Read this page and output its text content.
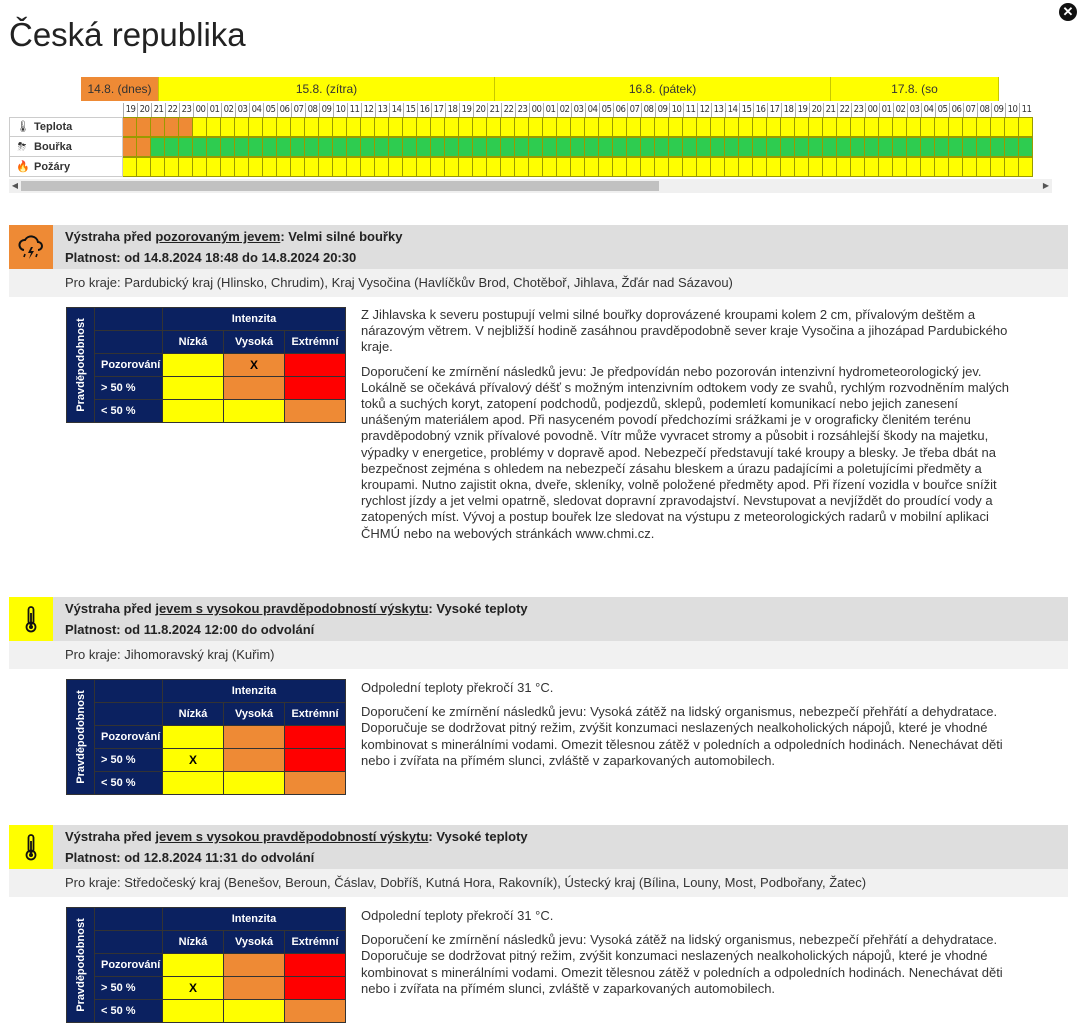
Česká republika
✕
14.8. (dnes)	15.8. (zítra)	16.8. (pátek)	17.8. (so
19 20 21 22 23 00 01 02 03 04 05 06 07 08 09 10 11 12 13 14 15 16 17 18 19 20 21 22 23 00 01 02 03 04 05 06 07 08 09 10 11 12 13 14 15 16 17 18 19 20 21 22 23 00 01 02 03 04 05 06 07 08 09 10 11
🌡 Teplota
⛈ Bouřka
🔥 Požáry
◀	▶
Výstraha před pozorovaným jevem: Velmi silné bouřky
Platnost: od 14.8.2024 18:48 do 14.8.2024 20:30
Pro kraje: Pardubický kraj (Hlinsko, Chrudim), Kraj Vysočina (Havlíčkův Brod, Chotěboř, Jihlava, Žďár nad Sázavou)
Pravděpodobnost		Intenzita		
		Nízká	Vysoká	Extrémní
	Pozorování		X	
	> 50 %			
	< 50 %			

Z Jihlavska k severu postupují velmi silné bouřky doprovázené kroupami kolem 2 cm, přívalovým deštěm a nárazovým větrem. V nejbližší hodině zasáhnou pravděpodobně sever kraje Vysočina a jihozápad Pardubického kraje.

Doporučení ke zmírnění následků jevu: Je předpovídán nebo pozorován intenzivní hydrometeorologický jev. Lokálně se očekává přívalový déšť s možným intenzivním odtokem vody ze svahů, rychlým rozvodněním malých toků a suchých koryt, zatopení podchodů, podjezdů, sklepů, podemletí komunikací nebo jejich zanesení unášeným materiálem apod. Při nasyceném povodí předchozími srážkami je v orograficky členitém terénu pravděpodobný vznik přívalové povodně. Vítr může vyvracet stromy a působit i rozsáhlejší škody na majetku, výpadky v energetice, problémy v dopravě apod. Nebezpečí představují také kroupy a blesky. Je třeba dbát na bezpečnost zejména s ohledem na nebezpečí zásahu bleskem a úrazu padajícími a poletujícími předměty a kroupami. Nutno zajistit okna, dveře, skleníky, volně položené předměty apod. Při řízení vozidla v bouřce snížit rychlost jízdy a jet velmi opatrně, sledovat dopravní zpravodajství. Nevstupovat a nevjíždět do proudící vody a zatopených míst. Vývoj a postup bouřek lze sledovat na výstupu z meteorologických radarů v mobilní aplikaci ČHMÚ nebo na webových stránkách www.chmi.cz.

Výstraha před jevem s vysokou pravděpodobností výskytu: Vysoké teploty
Platnost: od 11.8.2024 12:00 do odvolání
Pro kraje: Jihomoravský kraj (Kuřim)
Pravděpodobnost		Intenzita		
		Nízká	Vysoká	Extrémní
	Pozorování			
	> 50 %	X		
	< 50 %			

Odpolední teploty překročí 31 °C.

Doporučení ke zmírnění následků jevu: Vysoká zátěž na lidský organismus, nebezpečí přehřátí a dehydratace. Doporučuje se dodržovat pitný režim, zvýšit konzumaci neslazených nealkoholických nápojů, které je vhodné kombinovat s minerálními vodami. Omezit tělesnou zátěž v poledních a odpoledních hodinách. Nenechávat děti nebo i zvířata na přímém slunci, zvláště v zaparkovaných automobilech.

Výstraha před jevem s vysokou pravděpodobností výskytu: Vysoké teploty
Platnost: od 12.8.2024 11:31 do odvolání
Pro kraje: Středočeský kraj (Benešov, Beroun, Čáslav, Dobříš, Kutná Hora, Rakovník), Ústecký kraj (Bílina, Louny, Most, Podbořany, Žatec)
Pravděpodobnost		Intenzita		
		Nízká	Vysoká	Extrémní
	Pozorování			
	> 50 %	X		
	< 50 %			

Odpolední teploty překročí 31 °C.

Doporučení ke zmírnění následků jevu: Vysoká zátěž na lidský organismus, nebezpečí přehřátí a dehydratace. Doporučuje se dodržovat pitný režim, zvýšit konzumaci neslazených nealkoholických nápojů, které je vhodné kombinovat s minerálními vodami. Omezit tělesnou zátěž v poledních a odpoledních hodinách. Nenechávat děti nebo i zvířata na přímém slunci, zvláště v zaparkovaných automobilech.
